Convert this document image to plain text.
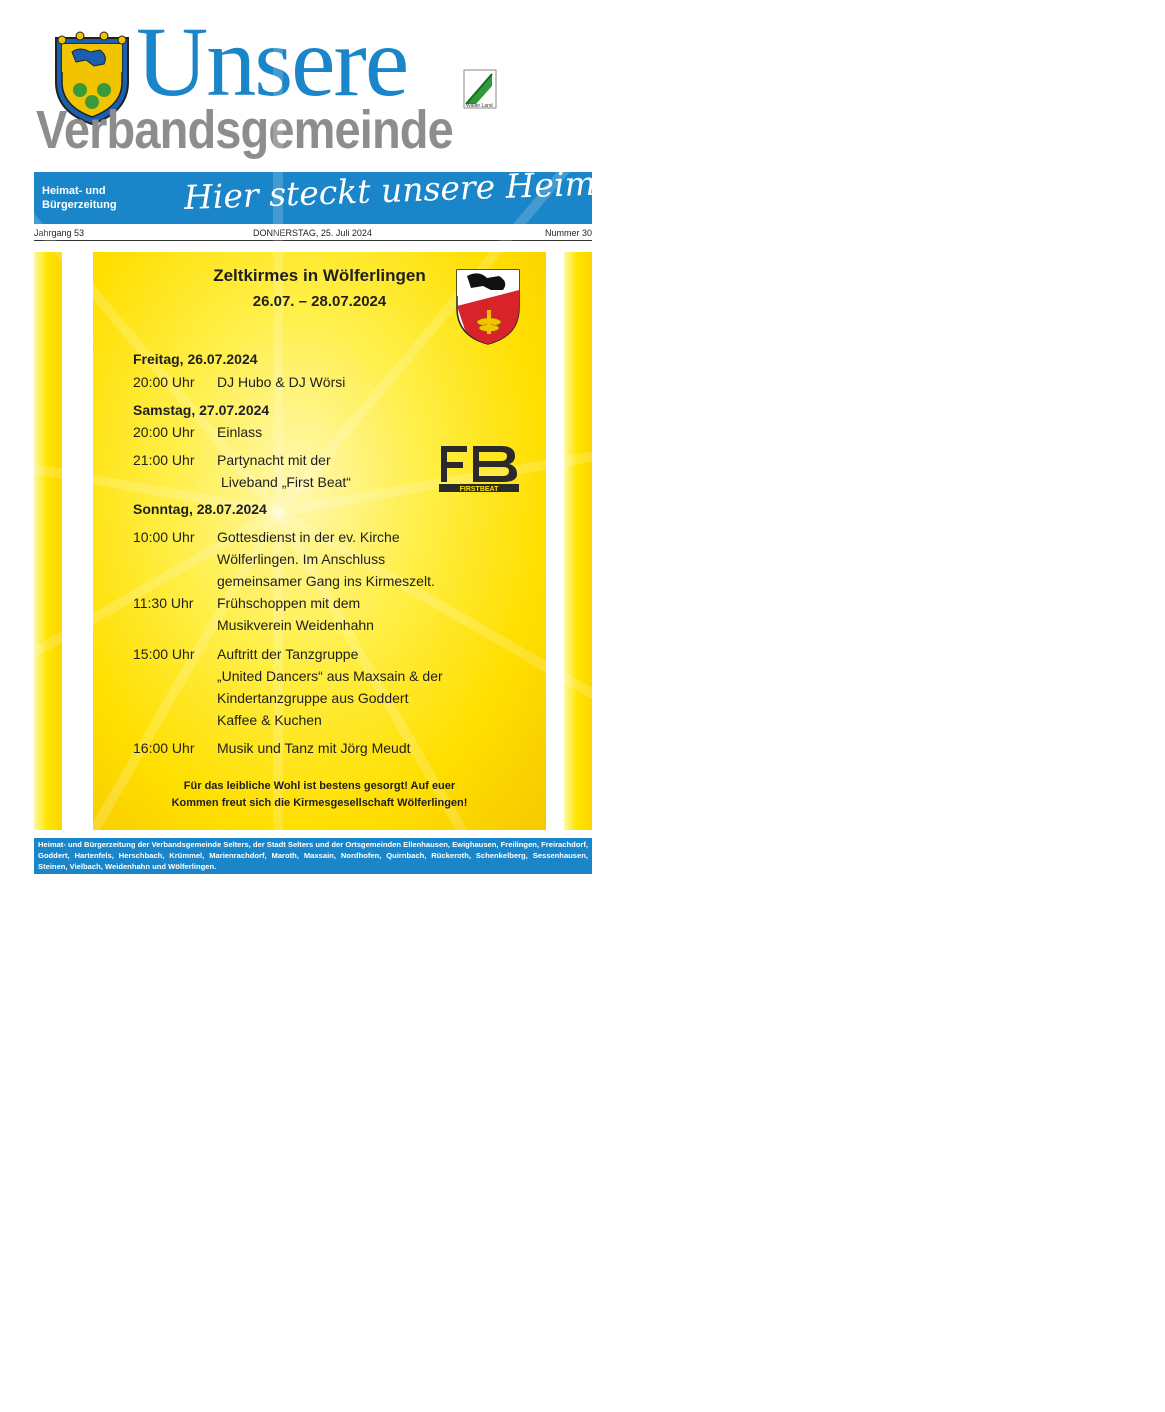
Unsere
Verbandsgemeinde	Wäller Land
Heimat- und
Bürgerzeitung Hier steckt unsere Heimat drin!
Jahrgang 53	DONNERSTAG, 25. Juli 2024	Nummer 30
Zeltkirmes in Wölferlingen
26.07. – 28.07.2024
FIRSTBEAT
Freitag, 26.07.2024
20:00 Uhr DJ Hubo & DJ Wörsi
Samstag, 27.07.2024
20:00 Uhr Einlass
21:00 Uhr Partynacht mit der
Liveband „First Beat“
Sonntag, 28.07.2024
10:00 Uhr Gottesdienst in der ev. Kirche
Wölferlingen. Im Anschluss
gemeinsamer Gang ins Kirmeszelt.
11:30 Uhr Frühschoppen mit dem
Musikverein Weidenhahn
15:00 Uhr Auftritt der Tanzgruppe
„United Dancers“ aus Maxsain & der
Kindertanzgruppe aus Goddert
Kaffee & Kuchen
16:00 Uhr Musik und Tanz mit Jörg Meudt
Für das leibliche Wohl ist bestens gesorgt! Auf euer
Kommen freut sich die Kirmesgesellschaft Wölferlingen!
Heimat- und Bürgerzeitung der Verbandsgemeinde Selters, der Stadt Selters und der Ortsgemeinden Ellenhausen, Ewighausen, Freilingen, Freirachdorf, Goddert, Hartenfels, Herschbach, Krümmel, Marienrachdorf, Maroth, Maxsain, Nordhofen, Quirnbach, Rückeroth, Schenkelberg, Sessenhausen, Steinen, Vielbach, Weidenhahn und Wölferlingen.
